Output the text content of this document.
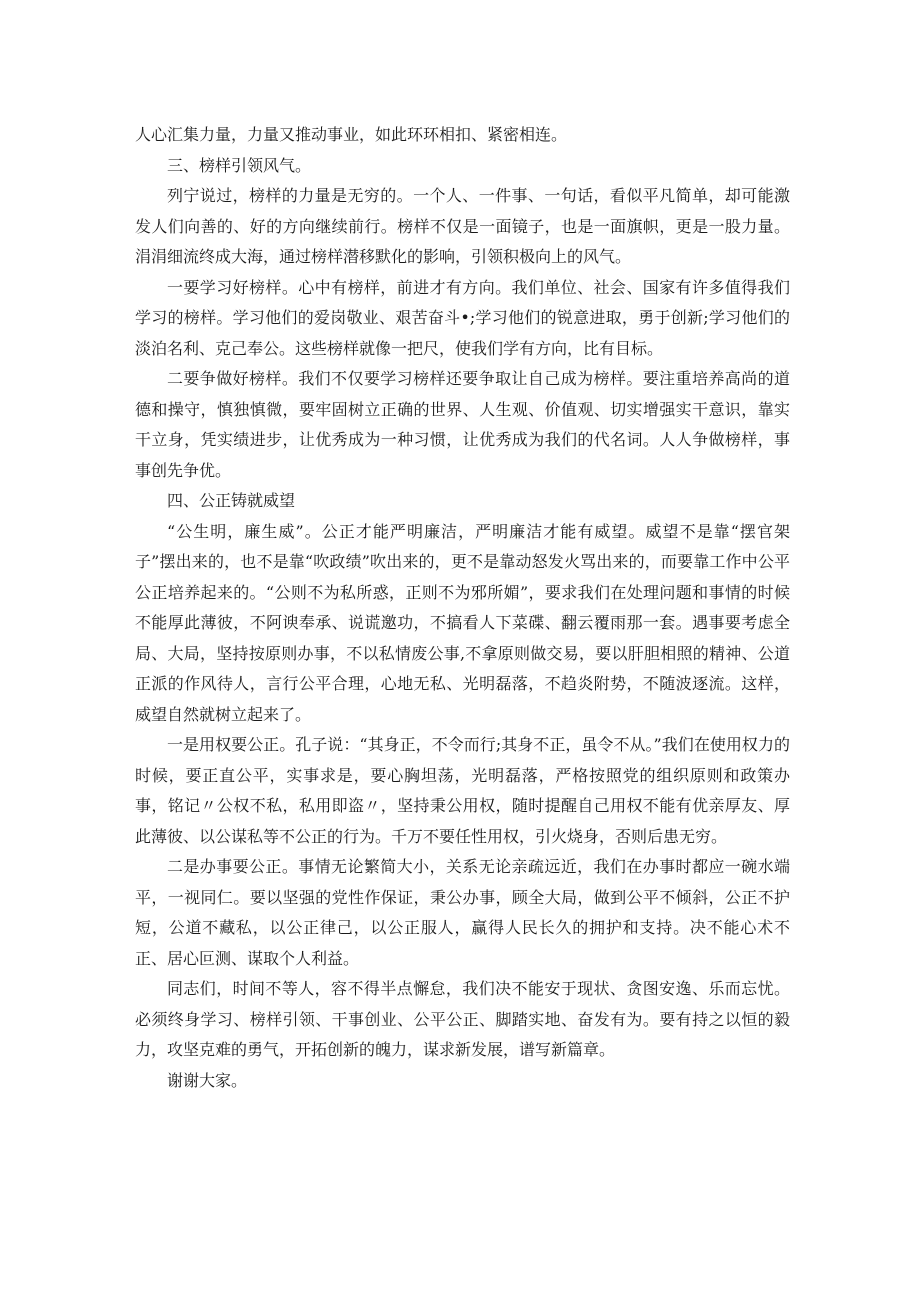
人心汇集力量，力量又推动事业，如此环环相扣、紧密相连。

三、榜样引领风气。

列宁说过，榜样的力量是无穷的。一个人、一件事、一句话，看似平凡简单，却可能激发人们向善的、好的方向继续前行。榜样不仅是一面镜子，也是一面旗帜，更是一股力量。涓涓细流终成大海，通过榜样潜移默化的影响，引领积极向上的风气。

一要学习好榜样。心中有榜样，前进才有方向。我们单位、社会、国家有许多值得我们学习的榜样。学习他们的爱岗敬业、艰苦奋斗•;学习他们的锐意进取，勇于创新;学习他们的淡泊名利、克己奉公。这些榜样就像一把尺，使我们学有方向，比有目标。

二要争做好榜样。我们不仅要学习榜样还要争取让自己成为榜样。要注重培养高尚的道德和操守，慎独慎微，要牢固树立正确的世界、人生观、价值观、切实增强实干意识，靠实干立身，凭实绩进步，让优秀成为一种习惯，让优秀成为我们的代名词。人人争做榜样，事事创先争优。

四、公正铸就威望

“公生明，廉生威”。公正才能严明廉洁，严明廉洁才能有威望。威望不是靠“摆官架子”摆出来的，也不是靠“吹政绩”吹出来的，更不是靠动怒发火骂出来的，而要靠工作中公平公正培养起来的。“公则不为私所惑，正则不为邪所媚”，要求我们在处理问题和事情的时候不能厚此薄彼，不阿谀奉承、说谎邀功，不搞看人下菜碟、翻云覆雨那一套。遇事要考虑全局、大局，坚持按原则办事，不以私情废公事,不拿原则做交易，要以肝胆相照的精神、公道正派的作风待人，言行公平合理，心地无私、光明磊落，不趋炎附势，不随波逐流。这样，威望自然就树立起来了。

一是用权要公正。孔子说：“其身正，不令而行;其身不正，虽令不从。”我们在使用权力的时候，要正直公平，实事求是，要心胸坦荡，光明磊落，严格按照党的组织原则和政策办事，铭记〃公权不私，私用即盗〃，坚持秉公用权，随时提醒自己用权不能有优亲厚友、厚此薄彼、以公谋私等不公正的行为。千万不要任性用权，引火烧身，否则后患无穷。

二是办事要公正。事情无论繁简大小，关系无论亲疏远近，我们在办事时都应一碗水端平，一视同仁。要以坚强的党性作保证，秉公办事，顾全大局，做到公平不倾斜，公正不护短，公道不藏私，以公正律己，以公正服人，赢得人民长久的拥护和支持。决不能心术不正、居心叵测、谋取个人利益。

同志们，时间不等人，容不得半点懈怠，我们决不能安于现状、贪图安逸、乐而忘忧。必须终身学习、榜样引领、干事创业、公平公正、脚踏实地、奋发有为。要有持之以恒的毅力，攻坚克难的勇气，开拓创新的魄力，谋求新发展，谱写新篇章。

谢谢大家。
